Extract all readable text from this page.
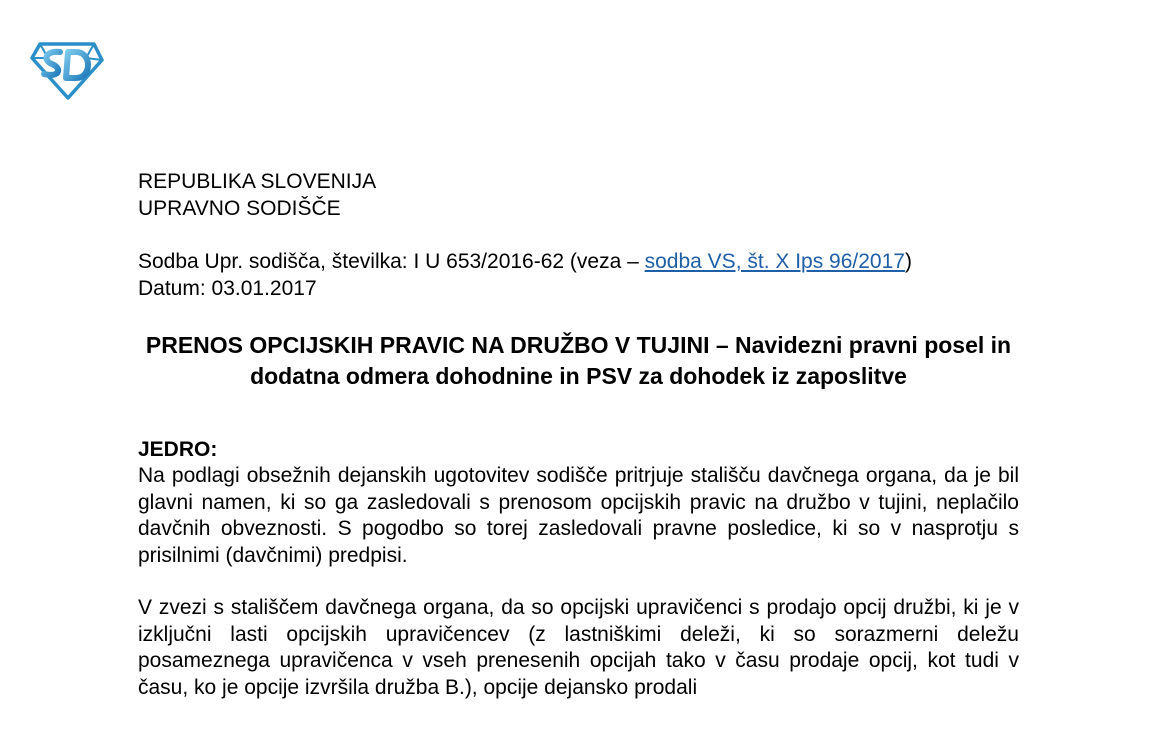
REPUBLIKA SLOVENIJA
UPRAVNO SODIŠČE
Sodba Upr. sodišča, številka: I U 653/2016-62 (veza – sodba VS, št. X Ips 96/2017)
Datum: 03.01.2017
PRENOS OPCIJSKIH PRAVIC NA DRUŽBO V TUJINI – Navidezni pravni posel in dodatna odmera dohodnine in PSV za dohodek iz zaposlitve
JEDRO:
Na podlagi obsežnih dejanskih ugotovitev sodišče pritrjuje stališču davčnega organa, da je bil glavni namen, ki so ga zasledovali s prenosom opcijskih pravic na družbo v tujini, neplačilo davčnih obveznosti. S pogodbo so torej zasledovali pravne posledice, ki so v nasprotju s prisilnimi (davčnimi) predpisi.
V zvezi s stališčem davčnega organa, da so opcijski upravičenci s prodajo opcij družbi, ki je v izključni lasti opcijskih upravičencev (z lastniškimi deleži, ki so sorazmerni deležu posameznega upravičenca v vseh prenesenih opcijah tako v času prodaje opcij, kot tudi v času, ko je opcije izvršila družba B.), opcije dejansko prodali
